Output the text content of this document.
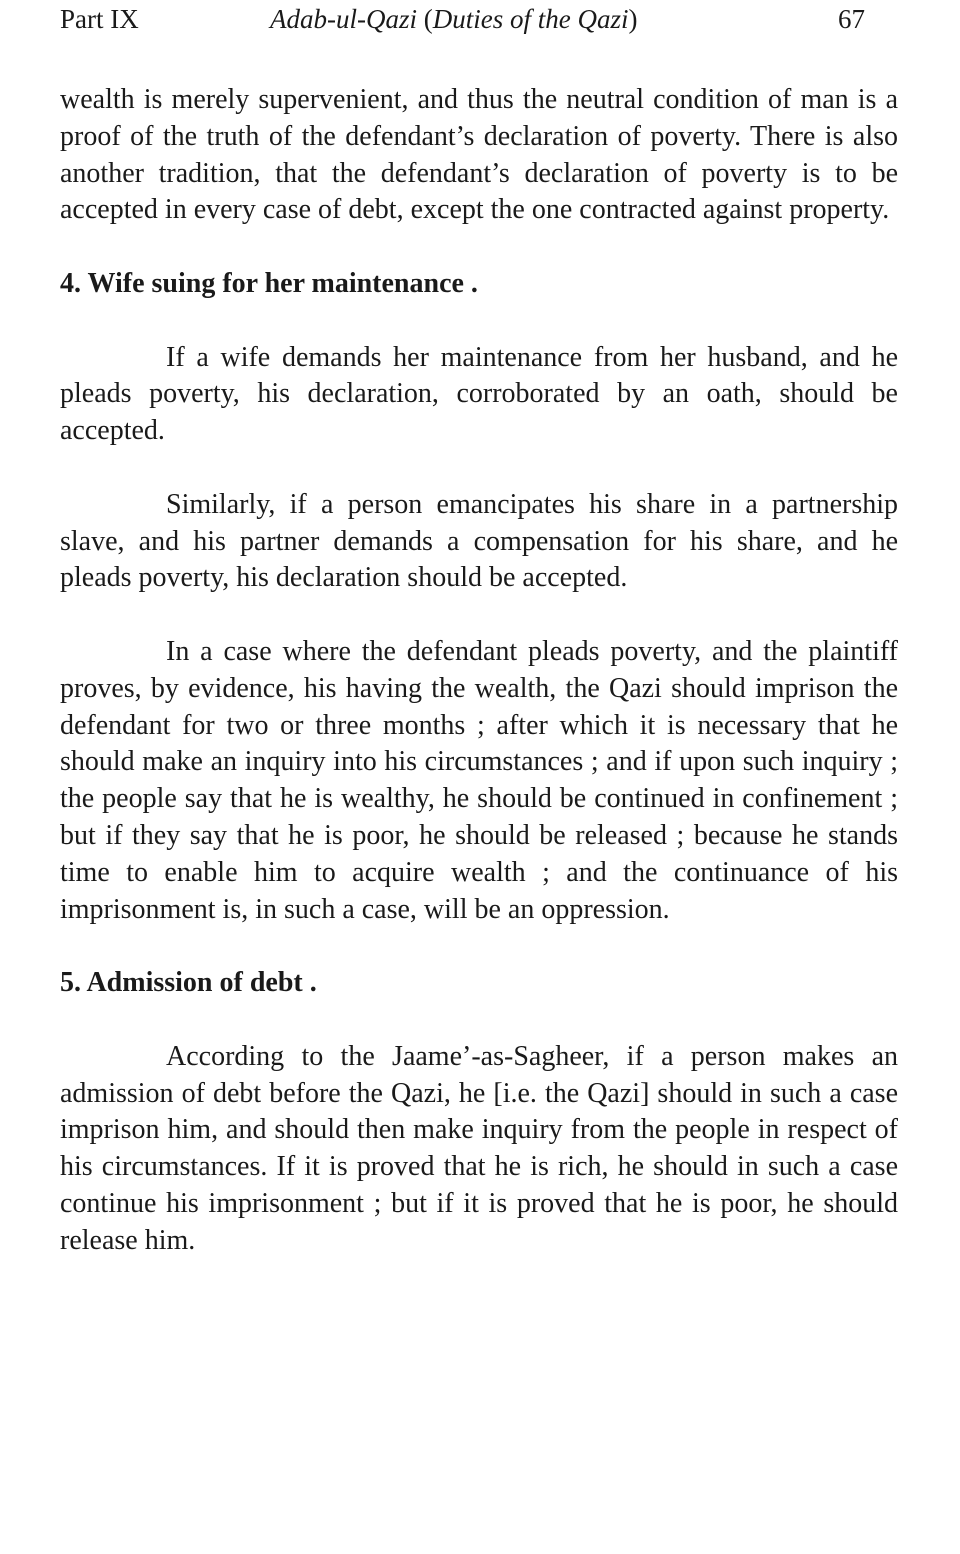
Part IX	Adab-ul-Qazi (Duties of the Qazi)	67

wealth is merely supervenient, and thus the neutral condition of man is a proof of the truth of the defendant’s declaration of poverty. There is also another tradition, that the defendant’s declaration of poverty is to be accepted in every case of debt, except the one contracted against property.

4. Wife suing for her maintenance .

If a wife demands her maintenance from her husband, and he pleads poverty, his declaration, corroborated by an oath, should be accepted.

Similarly, if a person emancipates his share in a partnership slave, and his partner demands a compensation for his share, and he pleads poverty, his declaration should be accepted.

In a case where the defendant pleads poverty, and the plaintiff proves, by evidence, his having the wealth, the Qazi should imprison the defendant for two or three months ; after which it is necessary that he should make an inquiry into his circumstances ; and if upon such inquiry ; the people say that he is wealthy, he should be continued in confinement ; but if they say that he is poor, he should be released ; because he stands time to enable him to acquire wealth ; and the continuance of his imprisonment is, in such a case, will be an oppression.

5. Admission of debt .

According to the Jaame’-as-Sagheer, if a person makes an admission of debt before the Qazi, he [i.e. the Qazi] should in such a case imprison him, and should then make inquiry from the people in respect of his circumstances. If it is proved that he is rich, he should in such a case continue his imprisonment ; but if it is proved that he is poor, he should release him.
